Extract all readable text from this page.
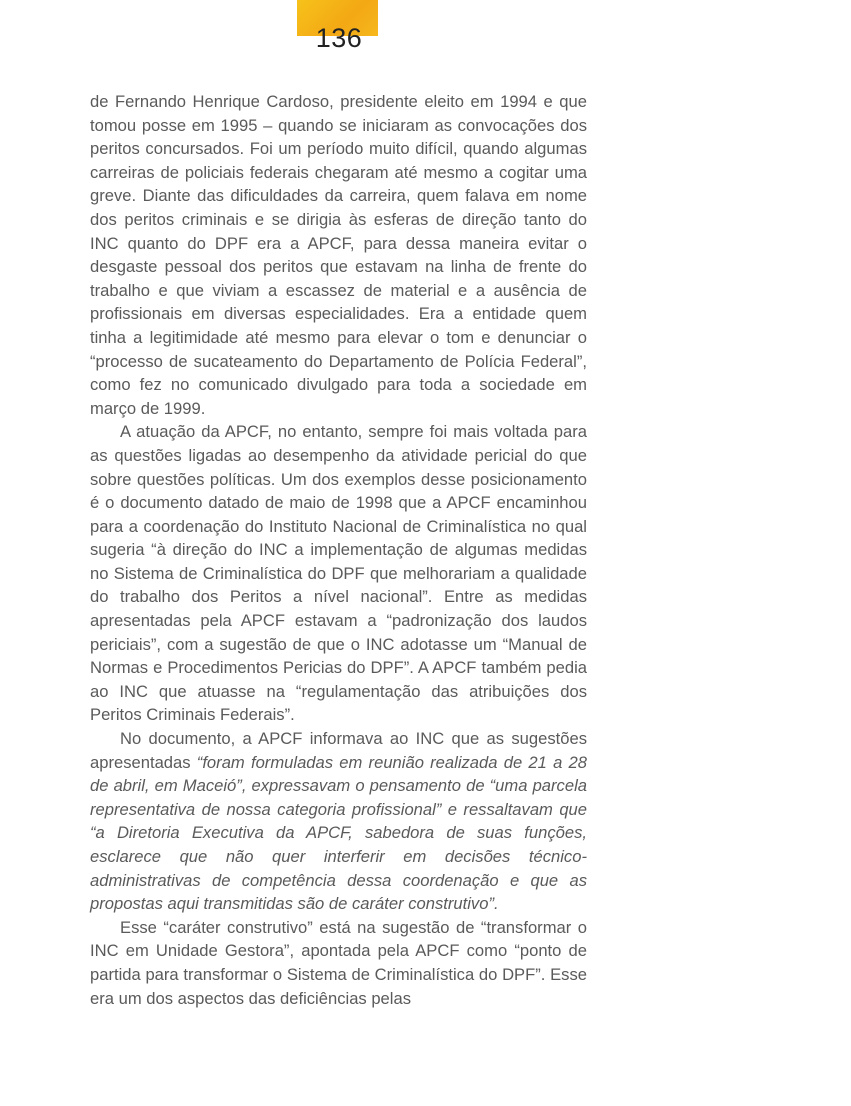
136

de Fernando Henrique Cardoso, presidente eleito em 1994 e que tomou posse em 1995 – quando se iniciaram as convocações dos peritos concursados. Foi um período muito difícil, quando algumas carreiras de policiais federais chegaram até mesmo a cogitar uma greve. Diante das dificuldades da carreira, quem falava em nome dos peritos criminais e se dirigia às esferas de direção tanto do INC quanto do DPF era a APCF, para dessa maneira evitar o desgaste pessoal dos peritos que estavam na linha de frente do trabalho e que viviam a escassez de material e a ausência de profissionais em diversas especialidades. Era a entidade quem tinha a legitimidade até mesmo para elevar o tom e denunciar o “processo de sucateamento do Departamento de Polícia Federal”, como fez no comunicado divulgado para toda a sociedade em março de 1999.

A atuação da APCF, no entanto, sempre foi mais voltada para as questões ligadas ao desempenho da atividade pericial do que sobre questões políticas. Um dos exemplos desse posicionamento é o documento datado de maio de 1998 que a APCF encaminhou para a coordenação do Instituto Nacional de Criminalística no qual sugeria “à direção do INC a implementação de algumas medidas no Sistema de Criminalística do DPF que melhorariam a qualidade do trabalho dos Peritos a nível nacional”. Entre as medidas apresentadas pela APCF estavam a “padronização dos laudos periciais”, com a sugestão de que o INC adotasse um “Manual de Normas e Procedimentos Pericias do DPF”. A APCF também pedia ao INC que atuasse na “regulamentação das atribuições dos Peritos Criminais Federais”.

No documento, a APCF informava ao INC que as sugestões apresentadas “foram formuladas em reunião realizada de 21 a 28 de abril, em Maceió”, expressavam o pensamento de “uma parcela representativa de nossa categoria profissional” e ressaltavam que “a Diretoria Executiva da APCF, sabedora de suas funções, esclarece que não quer interferir em decisões técnico-administrativas de competência dessa coordenação e que as propostas aqui transmitidas são de caráter construtivo”.

Esse “caráter construtivo” está na sugestão de “transformar o INC em Unidade Gestora”, apontada pela APCF como “ponto de partida para transformar o Sistema de Criminalística do DPF”. Esse era um dos aspectos das deficiências pelas
